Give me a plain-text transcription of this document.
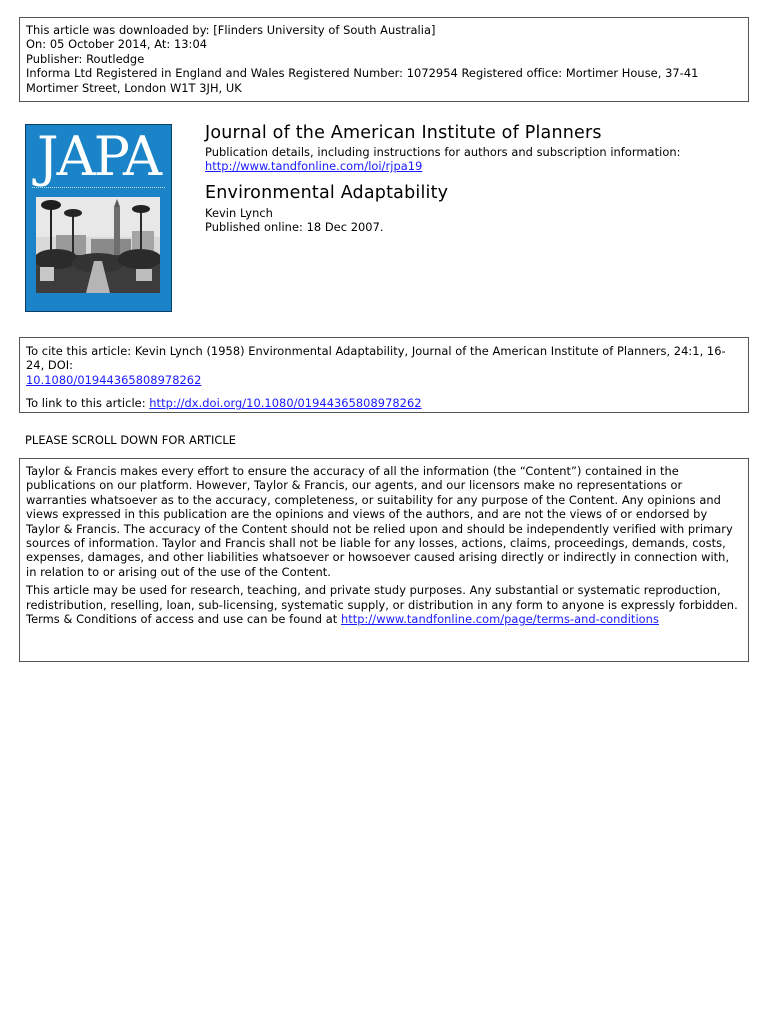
This article was downloaded by: [Flinders University of South Australia]
On: 05 October 2014, At: 13:04
Publisher: Routledge
Informa Ltd Registered in England and Wales Registered Number: 1072954 Registered office: Mortimer House, 37-41
Mortimer Street, London W1T 3JH, UK
JAPA	Journal of the American Institute of Planners
Publication details, including instructions for authors and subscription information:
http://www.tandfonline.com/loi/rjpa19
Environmental Adaptability
Kevin Lynch
Published online: 18 Dec 2007.
To cite this article: Kevin Lynch (1958) Environmental Adaptability, Journal of the American Institute of Planners, 24:1, 16-24, DOI:
10.1080/01944365808978262
To link to this article: http://dx.doi.org/10.1080/01944365808978262
PLEASE SCROLL DOWN FOR ARTICLE

Taylor & Francis makes every effort to ensure the accuracy of all the information (the “Content”) contained in the publications on our platform. However, Taylor & Francis, our agents, and our licensors make no representations or warranties whatsoever as to the accuracy, completeness, or suitability for any purpose of the Content. Any opinions and views expressed in this publication are the opinions and views of the authors, and are not the views of or endorsed by Taylor & Francis. The accuracy of the Content should not be relied upon and should be independently verified with primary sources of information. Taylor and Francis shall not be liable for any losses, actions, claims, proceedings, demands, costs, expenses, damages, and other liabilities whatsoever or howsoever caused arising directly or indirectly in connection with, in relation to or arising out of the use of the Content.

This article may be used for research, teaching, and private study purposes. Any substantial or systematic reproduction, redistribution, reselling, loan, sub-licensing, systematic supply, or distribution in any form to anyone is expressly forbidden. Terms & Conditions of access and use can be found at http://www.tandfonline.com/page/terms-and-conditions
